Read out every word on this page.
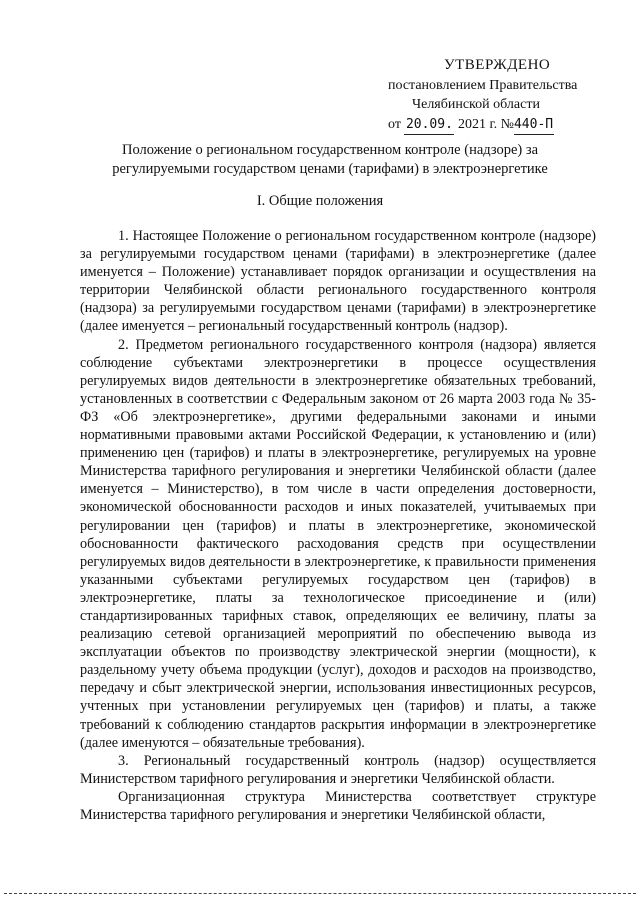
УТВЕРЖДЕНО
постановлением Правительства
Челябинской области
от 20.09. 2021 г. №440-П
Положение о региональном государственном контроле (надзоре) за регулируемыми государством ценами (тарифами) в электроэнергетике
I. Общие положения

1. Настоящее Положение о региональном государственном контроле (надзоре) за регулируемыми государством ценами (тарифами) в электроэнергетике (далее именуется – Положение) устанавливает порядок организации и осуществления на территории Челябинской области регионального государственного контроля (надзора) за регулируемыми государством ценами (тарифами) в электроэнергетике (далее именуется – региональный государственный контроль (надзор).

2. Предметом регионального государственного контроля (надзора) является соблюдение субъектами электроэнергетики в процессе осуществления регулируемых видов деятельности в электроэнергетике обязательных требований, установленных в соответствии с Федеральным законом от 26 марта 2003 года № 35-ФЗ «Об электроэнергетике», другими федеральными законами и иными нормативными правовыми актами Российской Федерации, к установлению и (или) применению цен (тарифов) и платы в электроэнергетике, регулируемых на уровне Министерства тарифного регулирования и энергетики Челябинской области (далее именуется – Министерство), в том числе в части определения достоверности, экономической обоснованности расходов и иных показателей, учитываемых при регулировании цен (тарифов) и платы в электроэнергетике, экономической обоснованности фактического расходования средств при осуществлении регулируемых видов деятельности в электроэнергетике, к правильности применения указанными субъектами регулируемых государством цен (тарифов) в электроэнергетике, платы за технологическое присоединение и (или) стандартизированных тарифных ставок, определяющих ее величину, платы за реализацию сетевой организацией мероприятий по обеспечению вывода из эксплуатации объектов по производству электрической энергии (мощности), к раздельному учету объема продукции (услуг), доходов и расходов на производство, передачу и сбыт электрической энергии, использования инвестиционных ресурсов, учтенных при установлении регулируемых цен (тарифов) и платы, а также требований к соблюдению стандартов раскрытия информации в электроэнергетике (далее именуются – обязательные требования).

3. Региональный государственный контроль (надзор) осуществляется Министерством тарифного регулирования и энергетики Челябинской области.

Организационная структура Министерства соответствует структуре Министерства тарифного регулирования и энергетики Челябинской области,
